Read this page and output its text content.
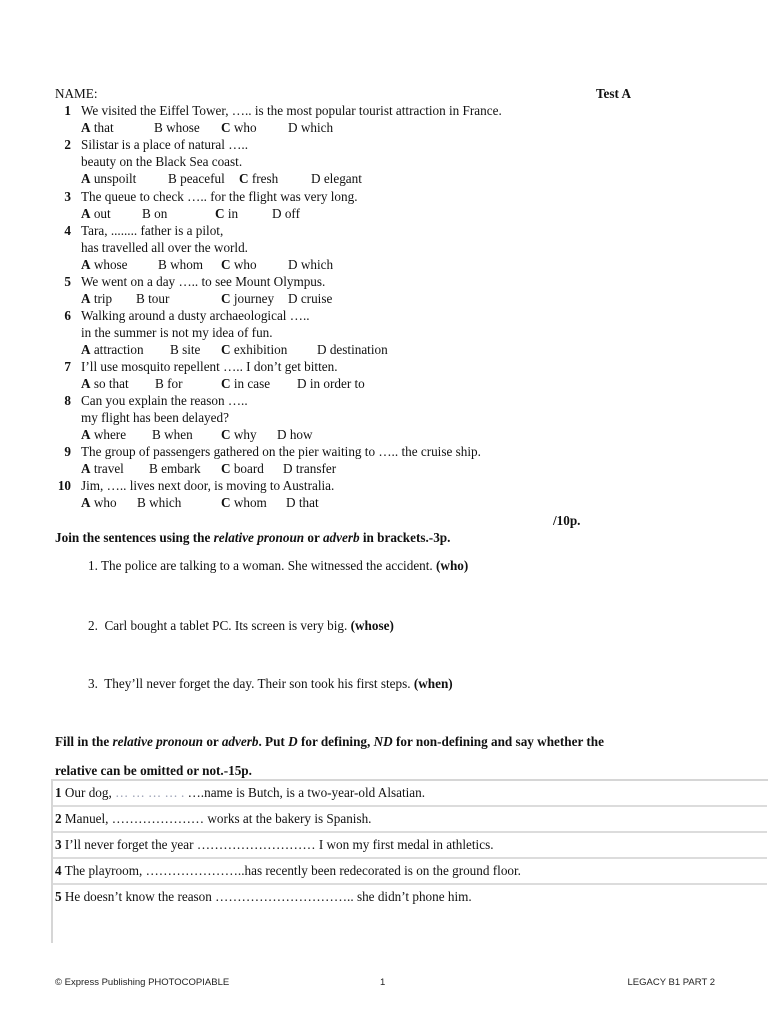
NAME:	Test A
1 We visited the Eiffel Tower, ….. is the most popular tourist attraction in France.
A that	B whose C who D which
2 Silistar is a place of natural …..
beauty on the Black Sea coast.
A unspoilt B peaceful C fresh D elegant
3 The queue to check ….. for the flight was very long.
A out B on	C in	D off
4 Tara, ........ father is a pilot,
has travelled all over the world.
A whose B whom C who D which
5 We went on a day ….. to see Mount Olympus.
A trip B tour	C journey D cruise
6 Walking around a dusty archaeological …..
in the summer is not my idea of fun.
A attraction B site C exhibition D destination
7 I’ll use mosquito repellent ….. I don’t get bitten.
A so that B for	C in case D in order to
8 Can you explain the reason …..
my flight has been delayed?
A where B when C why D how
9 The group of passengers gathered on the pier waiting to ….. the cruise ship.
A travel B embark C board D transfer
10 Jim, ….. lives next door, is moving to Australia.
A who B which	C whom D that
/10p.
Join the sentences using the relative pronoun or adverb in brackets.-3p.
1. The police are talking to a woman. She witnessed the accident. (who)
2. Carl bought a tablet PC. Its screen is very big. (whose)
3. They’ll never forget the day. Their son took his first steps. (when)
Fill in the relative pronoun or adverb. Put D for defining, ND for non-defining and say whether the
relative can be omitted or not.-15p.
1 Our dog, … … … … . ….name is Butch, is a two-year-old Alsatian.
2 Manuel, ………………… works at the bakery is Spanish.
3 I’ll never forget the year ……………………… I won my first medal in athletics.
4 The playroom, …………………..has recently been redecorated is on the ground floor.
5 He doesn’t know the reason ………………………….. she didn’t phone him.
© Express Publishing PHOTOCOPIABLE	1	LEGACY B1 PART 2
